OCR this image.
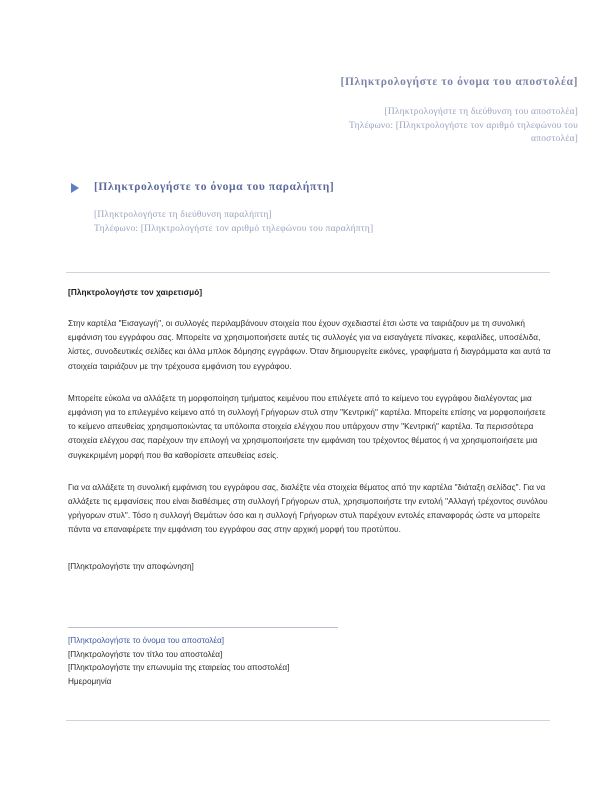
[Πληκτρολογήστε το όνομα του αποστολέα]
[Πληκτρολογήστε τη διεύθυνση του αποστολέα]
Τηλέφωνο: [Πληκτρολογήστε τον αριθμό τηλεφώνου του αποστολέα]
[Πληκτρολογήστε το όνομα του παραλήπτη]
[Πληκτρολογήστε τη διεύθυνση παραλήπτη]
Τηλέφωνο: [Πληκτρολογήστε τον αριθμό τηλεφώνου του παραλήπτη]
[Πληκτρολογήστε τον χαιρετισμό]

Στην καρτέλα "Εισαγωγή", οι συλλογές περιλαμβάνουν στοιχεία που έχουν σχεδιαστεί έτσι ώστε να ταιριάζουν με τη συνολική εμφάνιση του εγγράφου σας. Μπορείτε να χρησιμοποιήσετε αυτές τις συλλογές για να εισαγάγετε πίνακες, κεφαλίδες, υποσέλιδα, λίστες, συνοδευτικές σελίδες και άλλα μπλοκ δόμησης εγγράφων. Όταν δημιουργείτε εικόνες, γραφήματα ή διαγράμματα και αυτά τα στοιχεία ταιριάζουν με την τρέχουσα εμφάνιση του εγγράφου.

Μπορείτε εύκολα να αλλάξετε τη μορφοποίηση τμήματος κειμένου που επιλέγετε από το κείμενο του εγγράφου διαλέγοντας μια εμφάνιση για το επιλεγμένο κείμενο από τη συλλογή Γρήγορων στυλ στην "Κεντρική" καρτέλα. Μπορείτε επίσης να μορφοποιήσετε το κείμενο απευθείας χρησιμοποιώντας τα υπόλοιπα στοιχεία ελέγχου που υπάρχουν στην "Κεντρική" καρτέλα. Τα περισσότερα στοιχεία ελέγχου σας παρέχουν την επιλογή να χρησιμοποιήσετε την εμφάνιση του τρέχοντος θέματος ή να χρησιμοποιήσετε μια συγκεκριμένη μορφή που θα καθορίσετε απευθείας εσείς.

Για να αλλάξετε τη συνολική εμφάνιση του εγγράφου σας, διαλέξτε νέα στοιχεία θέματος από την καρτέλα "διάταξη σελίδας". Για να αλλάξετε τις εμφανίσεις που είναι διαθέσιμες στη συλλογή Γρήγορων στυλ, χρησιμοποιήστε την εντολή "Αλλαγή τρέχοντος συνόλου γρήγορων στυλ". Τόσο η συλλογή Θεμάτων όσο και η συλλογή Γρήγορων στυλ παρέχουν εντολές επαναφοράς ώστε να μπορείτε πάντα να επαναφέρετε την εμφάνιση του εγγράφου σας στην αρχική μορφή του προτύπου.

[Πληκτρολογήστε την αποφώνηση]
[Πληκτρολογήστε το όνομα του αποστολέα]
[Πληκτρολογήστε τον τίτλο του αποστολέα]
[Πληκτρολογήστε την επωνυμία της εταιρείας του αποστολέα]
Ημερομηνία
